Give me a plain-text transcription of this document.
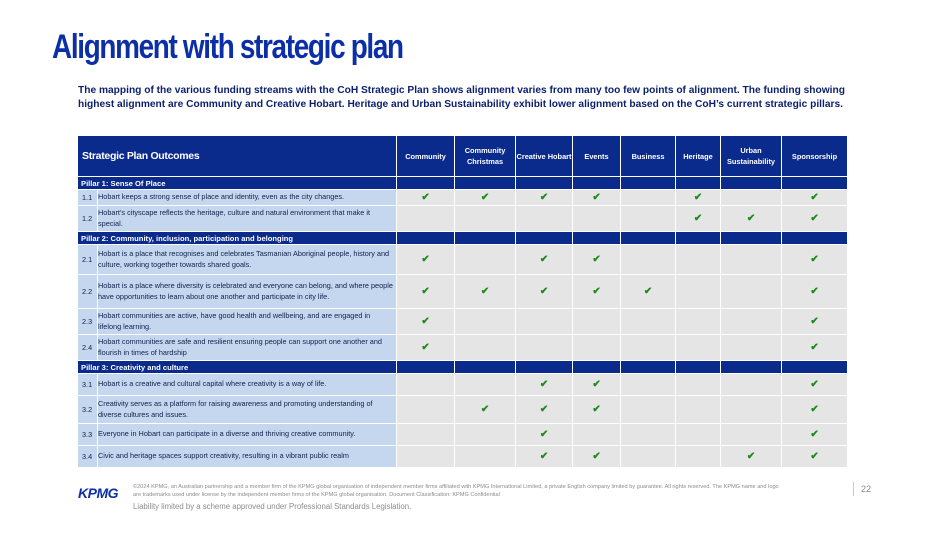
Alignment with strategic plan
The mapping of the various funding streams with the CoH Strategic Plan shows alignment varies from many too few points of alignment. The funding showing highest alignment are Community and Creative Hobart. Heritage and Urban Sustainability exhibit lower alignment based on the CoH’s current strategic pillars.
Strategic Plan Outcomes		Community	Community Christmas	Creative Hobart	Events	Business	Heritage	Urban Sustainability	Sponsorship
Pillar 1: Sense Of Place									
1.1	Hobart keeps a strong sense of place and identity, even as the city changes.	✔	✔	✔	✔		✔		✔
1.2	Hobart’s cityscape reflects the heritage, culture and natural environment that make it special.						✔	✔	✔
Pillar 2: Community, inclusion, participation and belonging									
2.1	Hobart is a place that recognises and celebrates Tasmanian Aboriginal people, history and culture, working together towards shared goals.	✔		✔	✔				✔
2.2	Hobart is a place where diversity is celebrated and everyone can belong, and where people have opportunities to learn about one another and participate in city life.	✔	✔	✔	✔	✔			✔
2.3	Hobart communities are active, have good health and wellbeing, and are engaged in lifelong learning.	✔							✔
2.4	Hobart communities are safe and resilient ensuring people can support one another and flourish in times of hardship	✔							✔
Pillar 3: Creativity and culture									
3.1	Hobart is a creative and cultural capital where creativity is a way of life.			✔	✔				✔
3.2	Creativity serves as a platform for raising awareness and promoting understanding of diverse cultures and issues.		✔	✔	✔				✔
3.3	Everyone in Hobart can participate in a diverse and thriving creative community.			✔					✔
3.4	Civic and heritage spaces support creativity, resulting in a vibrant public realm			✔	✔			✔	✔
KPMG	©2024 KPMG, an Australian partnership and a member firm of the KPMG global organisation of independent member firms affiliated with KPMG International Limited, a private English company limited by guarantee. All rights reserved. The KPMG name and logo are trademarks used under license by the independent member firms of the KPMG global organisation. Document Classification: KPMG Confidential
Liability limited by a scheme approved under Professional Standards Legislation.
22
